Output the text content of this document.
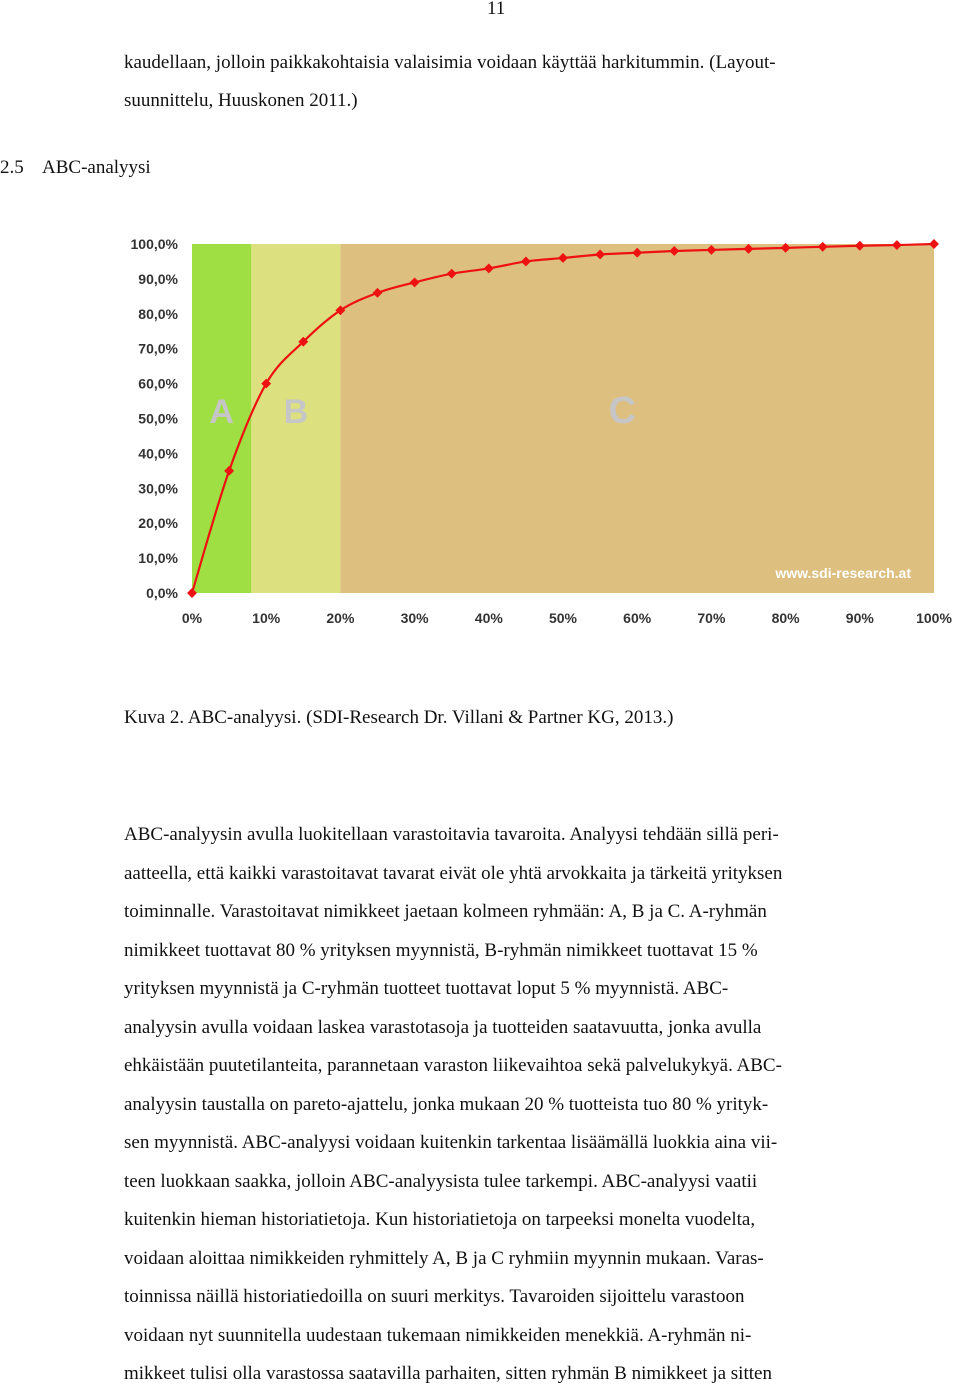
11

kaudellaan, jolloin paikkakohtaisia valaisimia voidaan käyttää harkitummin. (Layout-
suunnittelu, Huuskonen 2011.)

2.5 ABC-analyysi
A B	C
www.sdi-research.at
0,0%
10,0%
20,0%
30,0%
40,0%
50,0%
60,0%
70,0%
80,0%
90,0%
100,0%
0%	10%	20%	30%	40%	50%	60%	70%	80%	90%	100%

Kuva 2. ABC-analyysi. (SDI-Research Dr. Villani & Partner KG, 2013.)

ABC-analyysin avulla luokitellaan varastoitavia tavaroita. Analyysi tehdään sillä peri-
aatteella, että kaikki varastoitavat tavarat eivät ole yhtä arvokkaita ja tärkeitä yrityksen
toiminnalle. Varastoitavat nimikkeet jaetaan kolmeen ryhmään: A, B ja C. A-ryhmän
nimikkeet tuottavat 80 % yrityksen myynnistä, B-ryhmän nimikkeet tuottavat 15 %
yrityksen myynnistä ja C-ryhmän tuotteet tuottavat loput 5 % myynnistä. ABC-
analyysin avulla voidaan laskea varastotasoja ja tuotteiden saatavuutta, jonka avulla
ehkäistään puutetilanteita, parannetaan varaston liikevaihtoa sekä palvelukykyä. ABC-
analyysin taustalla on pareto-ajattelu, jonka mukaan 20 % tuotteista tuo 80 % yrityk-
sen myynnistä. ABC-analyysi voidaan kuitenkin tarkentaa lisäämällä luokkia aina vii-
teen luokkaan saakka, jolloin ABC-analyysista tulee tarkempi. ABC-analyysi vaatii
kuitenkin hieman historiatietoja. Kun historiatietoja on tarpeeksi monelta vuodelta,
voidaan aloittaa nimikkeiden ryhmittely A, B ja C ryhmiin myynnin mukaan. Varas-
toinnissa näillä historiatiedoilla on suuri merkitys. Tavaroiden sijoittelu varastoon
voidaan nyt suunnitella uudestaan tukemaan nimikkeiden menekkiä. A-ryhmän ni-
mikkeet tulisi olla varastossa saatavilla parhaiten, sitten ryhmän B nimikkeet ja sitten
